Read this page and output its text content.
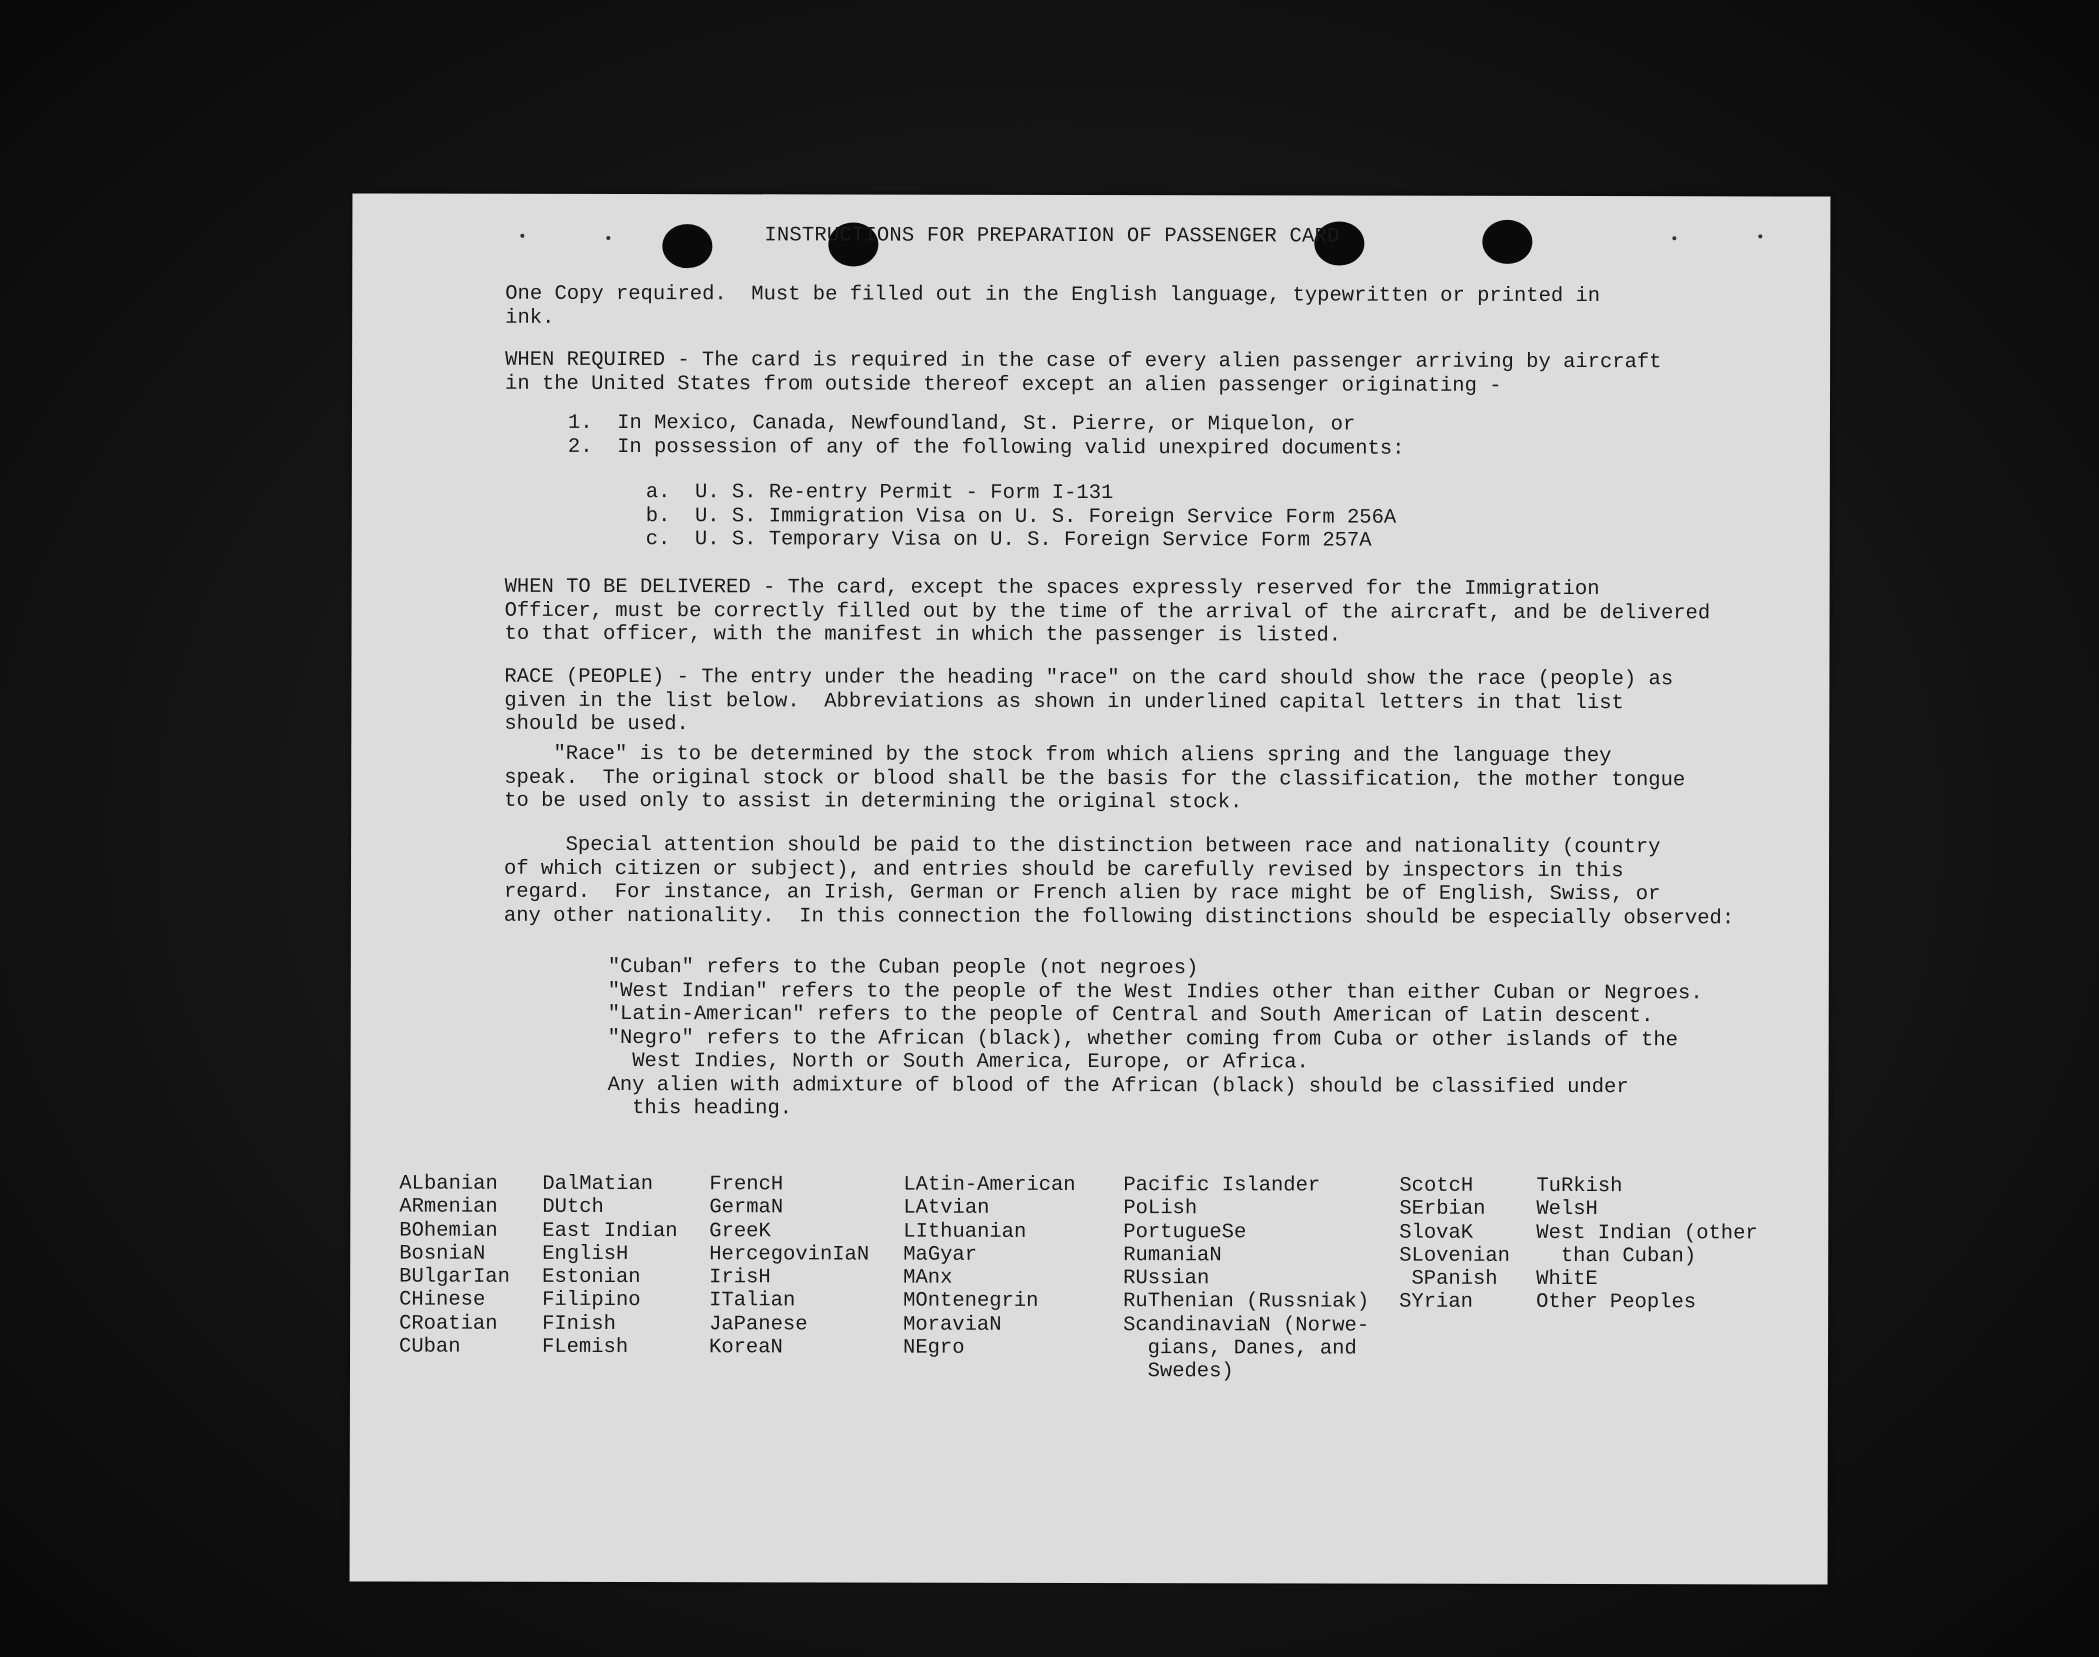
INSTRUCTIONS FOR PREPARATION OF PASSENGER CARD
One Copy required.  Must be filled out in the English language, typewritten or printed in
ink.
WHEN REQUIRED - The card is required in the case of every alien passenger arriving by aircraft
in the United States from outside thereof except an alien passenger originating -
1.  In Mexico, Canada, Newfoundland, St. Pierre, or Miquelon, or
2.  In possession of any of the following valid unexpired documents:
a.  U. S. Re-entry Permit - Form I-131
b.  U. S. Immigration Visa on U. S. Foreign Service Form 256A
c.  U. S. Temporary Visa on U. S. Foreign Service Form 257A
WHEN TO BE DELIVERED - The card, except the spaces expressly reserved for the Immigration
Officer, must be correctly filled out by the time of the arrival of the aircraft, and be delivered
to that officer, with the manifest in which the passenger is listed.
RACE (PEOPLE) - The entry under the heading "race" on the card should show the race (people) as
given in the list below.  Abbreviations as shown in underlined capital letters in that list
should be used.
"Race" is to be determined by the stock from which aliens spring and the language they
speak.  The original stock or blood shall be the basis for the classification, the mother tongue
to be used only to assist in determining the original stock.
Special attention should be paid to the distinction between race and nationality (country
of which citizen or subject), and entries should be carefully revised by inspectors in this
regard.  For instance, an Irish, German or French alien by race might be of English, Swiss, or
any other nationality.  In this connection the following distinctions should be especially observed:
"Cuban" refers to the Cuban people (not negroes)
"West Indian" refers to the people of the West Indies other than either Cuban or Negroes.
"Latin-American" refers to the people of Central and South American of Latin descent.
"Negro" refers to the African (black), whether coming from Cuba or other islands of the
West Indies, North or South America, Europe, or Africa.
Any alien with admixture of blood of the African (black) should be classified under
this heading.
ALbanian
ARmenian
BOhemian
BosniaN
BUlgarIan
CHinese
CRoatian
CUban
DalMatian
DUtch
East Indian
EnglisH
Estonian
Filipino
FInish
FLemish
FrencH
GermaN
GreeK
HercegovinIaN
IrisH
ITalian
JaPanese
KoreaN
LAtin-American
LAtvian
LIthuanian
MaGyar
MAnx
MOntenegrin
MoraviaN
NEgro
Pacific Islander
PoLish
PortugueSe
RumaniaN
RUssian
RuThenian (Russniak)
ScandinaviaN (Norwe-
gians, Danes, and
Swedes)
ScotcH
SErbian
SlovaK
SLovenian
SPanish
SYrian
TuRkish
WelsH
West Indian (other
than Cuban)
WhitE
Other Peoples
